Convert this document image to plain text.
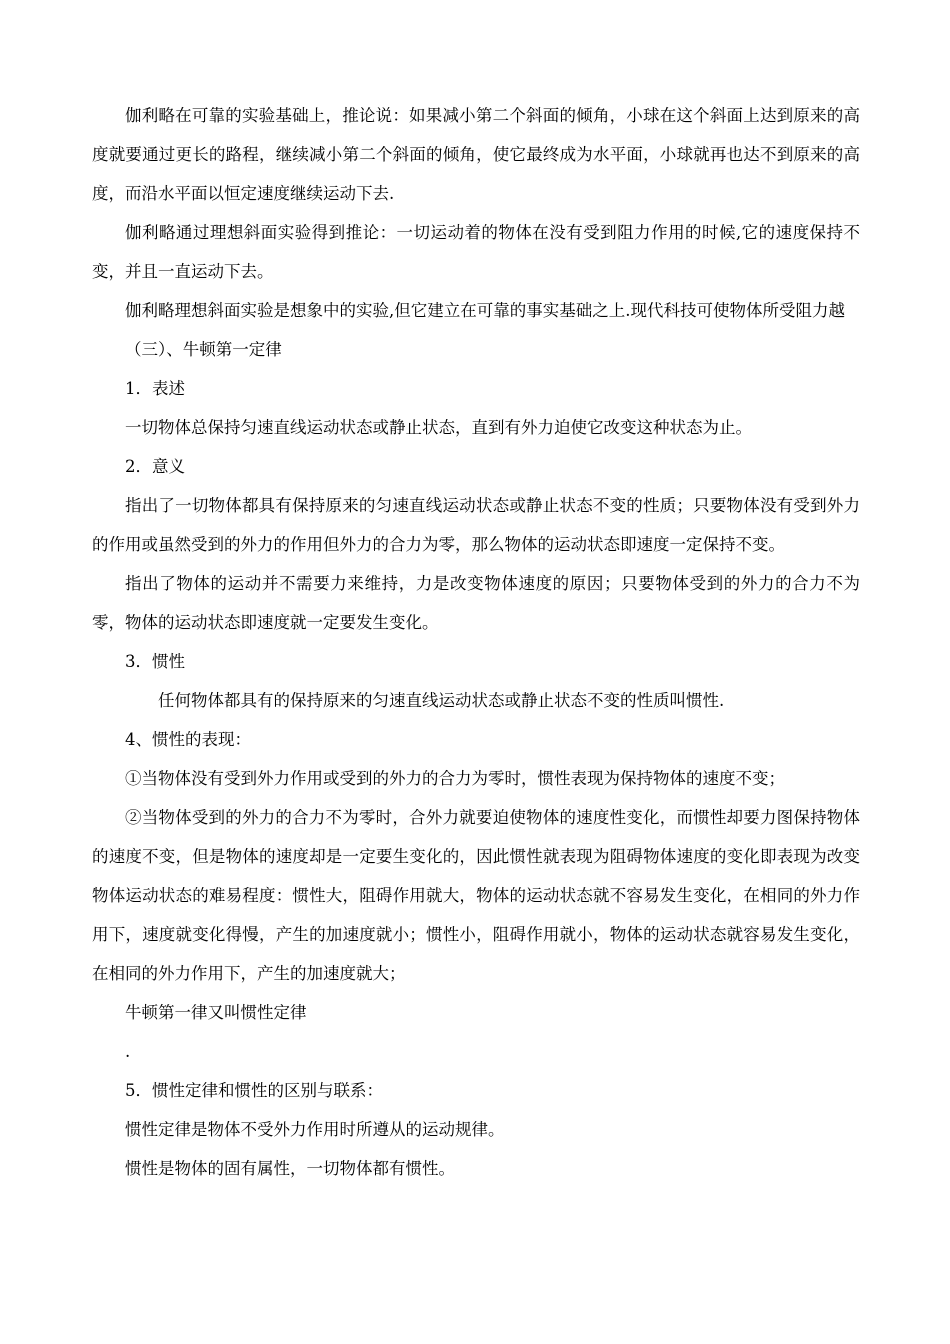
伽利略在可靠的实验基础上，推论说：如果减小第二个斜面的倾角，小球在这个斜面上达到原来的高度就要通过更长的路程，继续减小第二个斜面的倾角，使它最终成为水平面，小球就再也达不到原来的高度，而沿水平面以恒定速度继续运动下去.

伽利略通过理想斜面实验得到推论：一切运动着的物体在没有受到阻力作用的时候,它的速度保持不变，并且一直运动下去。

伽利略理想斜面实验是想象中的实验,但它建立在可靠的事实基础之上.现代科技可使物体所受阻力越

（三）、牛顿第一定律

1．表述

一切物体总保持匀速直线运动状态或静止状态，直到有外力迫使它改变这种状态为止。

2．意义

指出了一切物体都具有保持原来的匀速直线运动状态或静止状态不变的性质；只要物体没有受到外力的作用或虽然受到的外力的作用但外力的合力为零，那么物体的运动状态即速度一定保持不变。

指出了物体的运动并不需要力来维持，力是改变物体速度的原因；只要物体受到的外力的合力不为零，物体的运动状态即速度就一定要发生变化。

3．惯性

任何物体都具有的保持原来的匀速直线运动状态或静止状态不变的性质叫惯性.

4、惯性的表现：

①当物体没有受到外力作用或受到的外力的合力为零时，惯性表现为保持物体的速度不变；

②当物体受到的外力的合力不为零时，合外力就要迫使物体的速度性变化，而惯性却要力图保持物体的速度不变，但是物体的速度却是一定要生变化的，因此惯性就表现为阻碍物体速度的变化即表现为改变物体运动状态的难易程度：惯性大，阻碍作用就大，物体的运动状态就不容易发生变化，在相同的外力作用下，速度就变化得慢，产生的加速度就小；惯性小，阻碍作用就小，物体的运动状态就容易发生变化，在相同的外力作用下，产生的加速度就大；

牛顿第一律又叫惯性定律

.

5．惯性定律和惯性的区别与联系：

惯性定律是物体不受外力作用时所遵从的运动规律。

惯性是物体的固有属性，一切物体都有惯性。
